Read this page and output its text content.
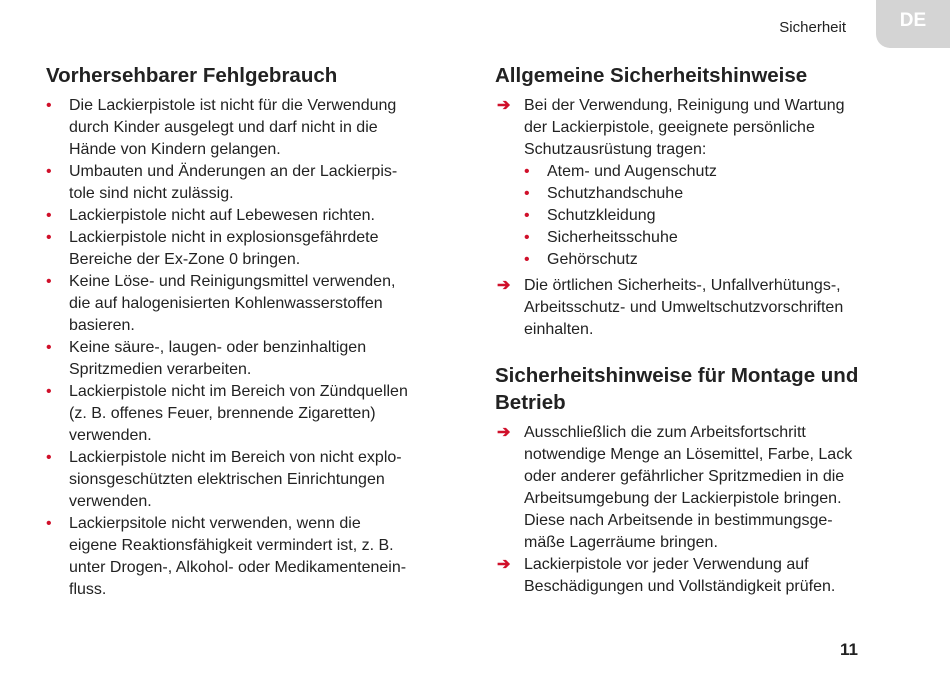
Sicherheit	DE
Vorhersehbarer Fehlgebrauch
• Die Lackierpistole ist nicht für die Verwendung
durch Kinder ausgelegt und darf nicht in die
Hände von Kindern gelangen.
• Umbauten und Änderungen an der Lackierpis-
tole sind nicht zulässig.
• Lackierpistole nicht auf Lebewesen richten.
• Lackierpistole nicht in explosionsgefährdete
Bereiche der Ex-Zone 0 bringen.
• Keine Löse- und Reinigungsmittel verwenden,
die auf halogenisierten Kohlenwasserstoffen
basieren.
• Keine säure-, laugen- oder benzinhaltigen
Spritzmedien verarbeiten.
• Lackierpistole nicht im Bereich von Zündquellen
(z. B. offenes Feuer, brennende Zigaretten)
verwenden.
• Lackierpistole nicht im Bereich von nicht explo-
sionsgeschützten elektrischen Einrichtungen
verwenden.
• Lackierpsitole nicht verwenden, wenn die
eigene Reaktionsfähigkeit vermindert ist, z. B.
unter Drogen-, Alkohol- oder Medikamentenein-
fluss.
Allgemeine Sicherheitshinweise
➔ Bei der Verwendung, Reinigung und Wartung
der Lackierpistole, geeignete persönliche
Schutzausrüstung tragen:
• Atem- und Augenschutz
• Schutzhandschuhe
• Schutzkleidung
• Sicherheitsschuhe
• Gehörschutz
➔ Die örtlichen Sicherheits-, Unfallverhütungs-,
Arbeitsschutz- und Umweltschutzvorschriften
einhalten.
Sicherheitshinweise für Montage und
Betrieb
➔ Ausschließlich die zum Arbeitsfortschritt
notwendige Menge an Lösemittel, Farbe, Lack
oder anderer gefährlicher Spritzmedien in die
Arbeitsumgebung der Lackierpistole bringen.
Diese nach Arbeitsende in bestimmungsge-
mäße Lagerräume bringen.
➔ Lackierpistole vor jeder Verwendung auf
Beschädigungen und Vollständigkeit prüfen.
11
